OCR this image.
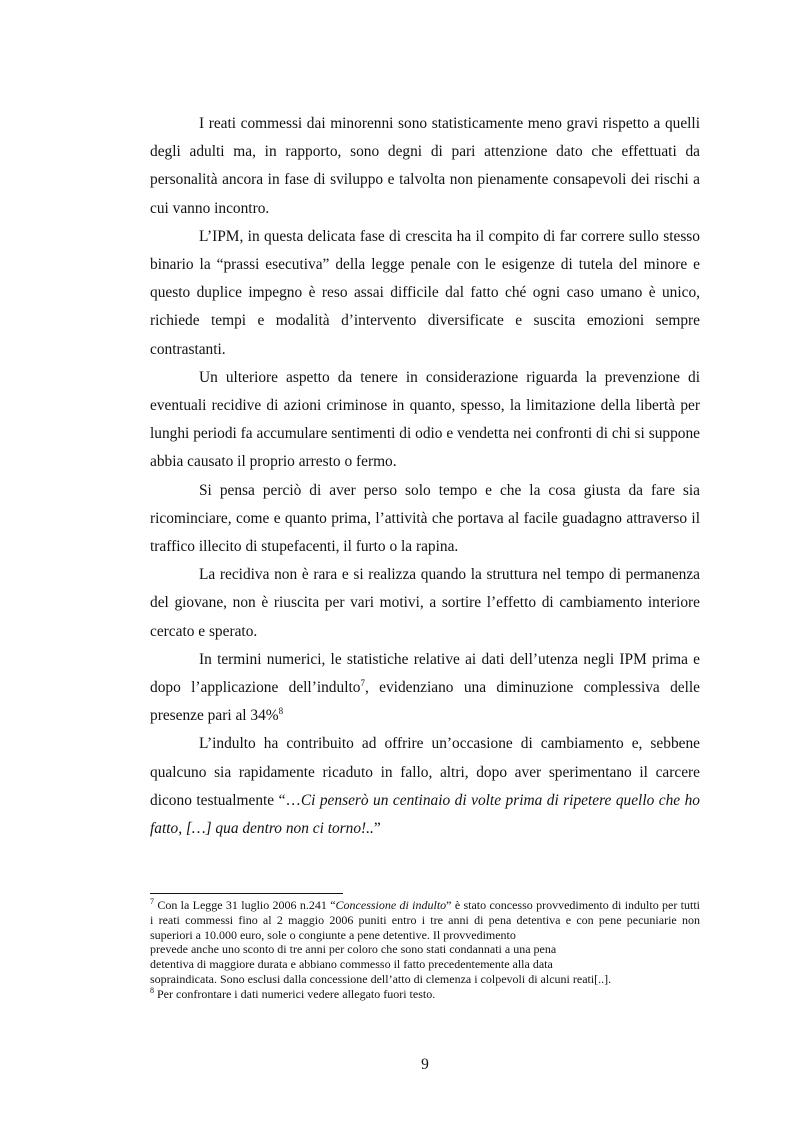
I reati commessi dai minorenni sono statisticamente meno gravi rispetto a quelli degli adulti ma, in rapporto, sono degni di pari attenzione dato che effettuati da personalità ancora in fase di sviluppo e talvolta non pienamente consapevoli dei rischi a cui vanno incontro.

L’IPM, in questa delicata fase di crescita ha il compito di far correre sullo stesso binario la “prassi esecutiva” della legge penale con le esigenze di tutela del minore e questo duplice impegno è reso assai difficile dal fatto ché ogni caso umano è unico, richiede tempi e modalità d’intervento diversificate e suscita emozioni sempre contrastanti.

Un ulteriore aspetto da tenere in considerazione riguarda la prevenzione di eventuali recidive di azioni criminose in quanto, spesso, la limitazione della libertà per lunghi periodi fa accumulare sentimenti di odio e vendetta nei confronti di chi si suppone abbia causato il proprio arresto o fermo.

Si pensa perciò di aver perso solo tempo e che la cosa giusta da fare sia ricominciare, come e quanto prima, l’attività che portava al facile guadagno attraverso il traffico illecito di stupefacenti, il furto o la rapina.

La recidiva non è rara e si realizza quando la struttura nel tempo di permanenza del giovane, non è riuscita per vari motivi, a sortire l’effetto di cambiamento interiore cercato e sperato.

In termini numerici, le statistiche relative ai dati dell’utenza negli IPM prima e dopo l’applicazione dell’indulto$^7$, evidenziano una diminuzione complessiva delle presenze pari al 34%$^8$

L’indulto ha contribuito ad offrire un’occasione di cambiamento e, sebbene qualcuno sia rapidamente ricaduto in fallo, altri, dopo aver sperimentano il carcere dicono testualmente “…Ci penserò un centinaio di volte prima di ripetere quello che ho fatto, […] qua dentro non ci torno!..”

$^7$ Con la Legge 31 luglio 2006 n.241 “Concessione di indulto” è stato concesso provvedimento di indulto per tutti i reati commessi fino al 2 maggio 2006 puniti entro i tre anni di pena detentiva e con pene pecuniarie non superiori a 10.000 euro, sole o congiunte a pene detentive. Il provvedimento

prevede anche uno sconto di tre anni per coloro che sono stati condannati a una pena

detentiva di maggiore durata e abbiano commesso il fatto precedentemente alla data

sopraindicata. Sono esclusi dalla concessione dell’atto di clemenza i colpevoli di alcuni reati[..].

$^8$ Per confrontare i dati numerici vedere allegato fuori testo.

9
